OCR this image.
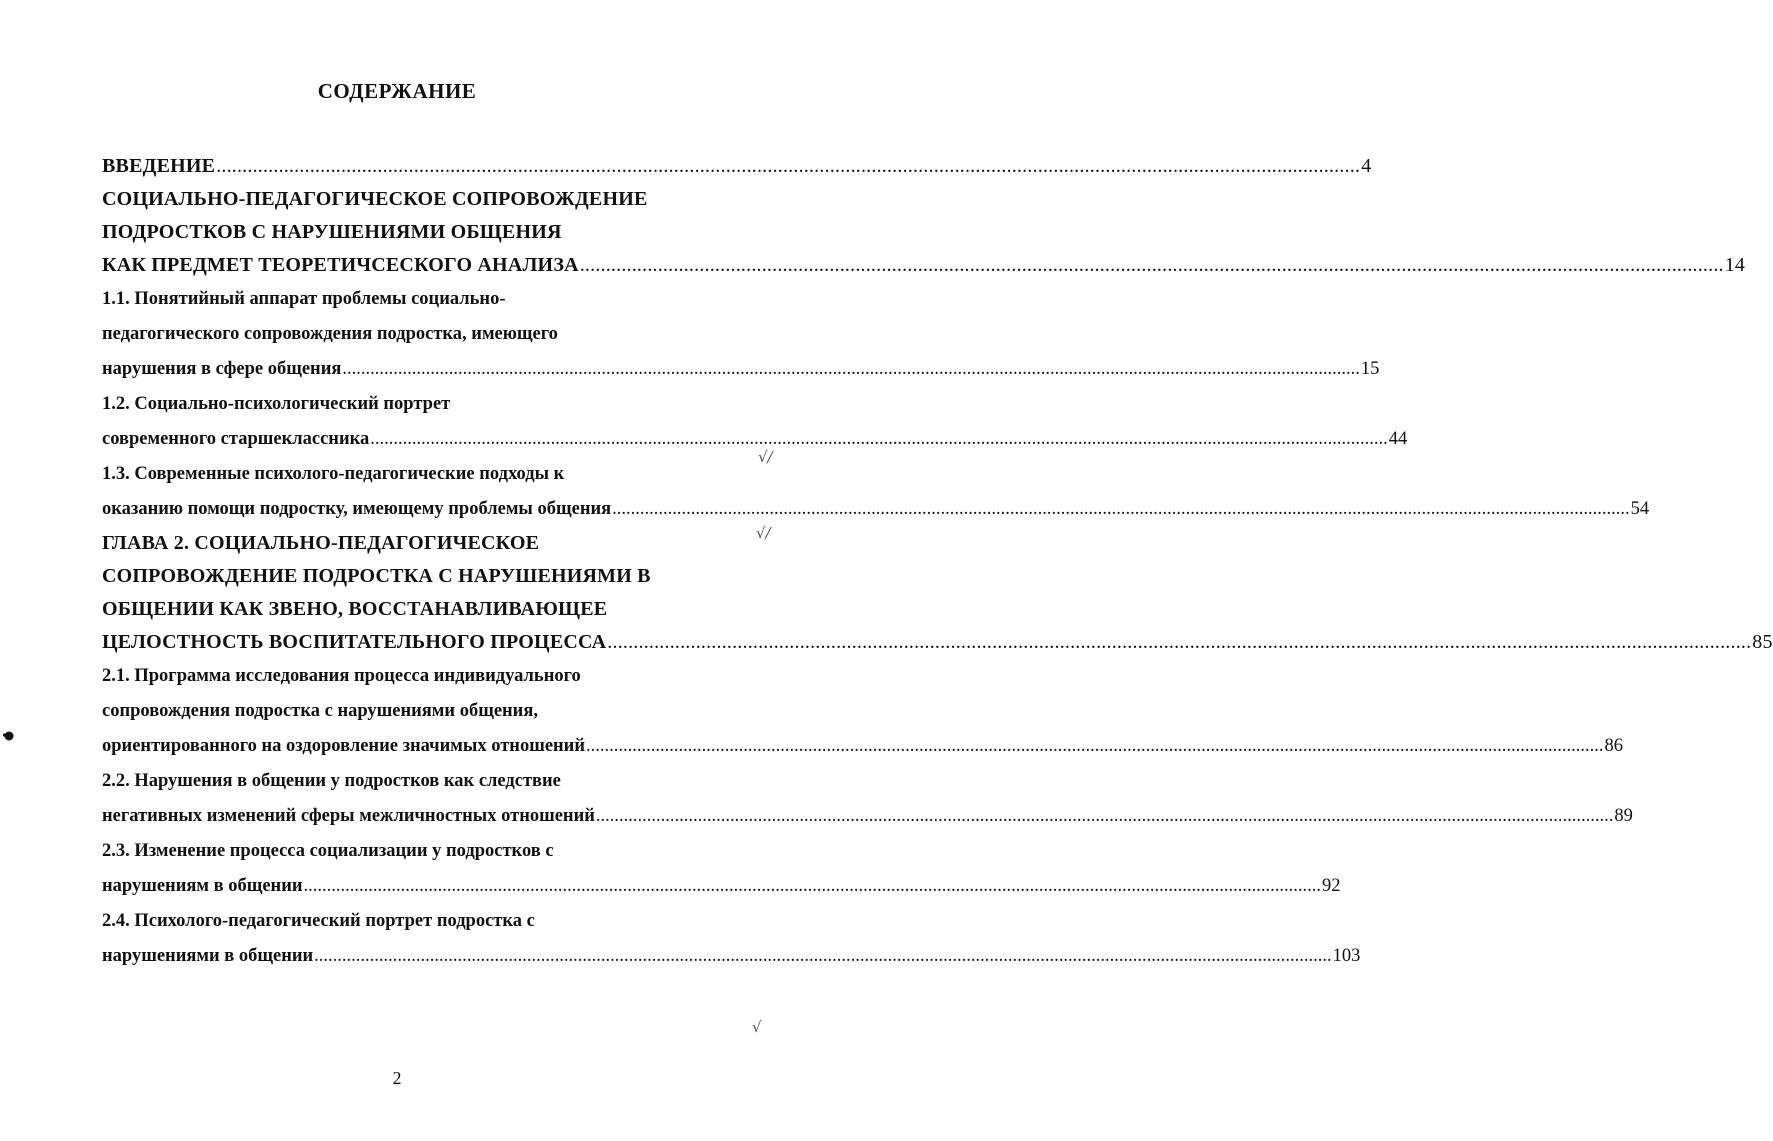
СОДЕРЖАНИЕ
ВВЕДЕНИЕ ............................................................................................................................................................................................................................ 4
СОЦИАЛЬНО-ПЕДАГОГИЧЕСКОЕ СОПРОВОЖДЕНИЕ
ПОДРОСТКОВ С НАРУШЕНИЯМИ ОБЩЕНИЯ
КАК ПРЕДМЕТ ТЕОРЕТИЧСЕСКОГО АНАЛИЗА ............................................................................................................................................................................................................................ 14
1.1. Понятийный аппарат проблемы социально-
педагогического сопровождения подростка, имеющего
нарушения в сфере общения ............................................................................................................................................................................................................................ 15
1.2. Социально-психологический портрет
современного старшеклассника ............................................................................................................................................................................................................................ 44
1.3. Современные психолого-педагогические подходы к
оказанию помощи подростку, имеющему проблемы общения ............................................................................................................................................................................................................................ 54
ГЛАВА 2. СОЦИАЛЬНО-ПЕДАГОГИЧЕСКОЕ
СОПРОВОЖДЕНИЕ ПОДРОСТКА С НАРУШЕНИЯМИ В
ОБЩЕНИИ КАК ЗВЕНО, ВОССТАНАВЛИВАЮЩЕЕ
ЦЕЛОСТНОСТЬ ВОСПИТАТЕЛЬНОГО ПРОЦЕССА ............................................................................................................................................................................................................................ 85
2.1. Программа исследования процесса индивидуального
сопровождения подростка с нарушениями общения,
ориентированного на оздоровление значимых отношений ............................................................................................................................................................................................................................ 86
2.2. Нарушения в общении у подростков как следствие
негативных изменений сферы межличностных отношений ............................................................................................................................................................................................................................ 89
2.3. Изменение процесса социализации у подростков с
нарушениям в общении ............................................................................................................................................................................................................................ 92
2.4. Психолого-педагогический портрет подростка с
нарушениями в общении ............................................................................................................................................................................................................................ 103
√/
√/
√
2
